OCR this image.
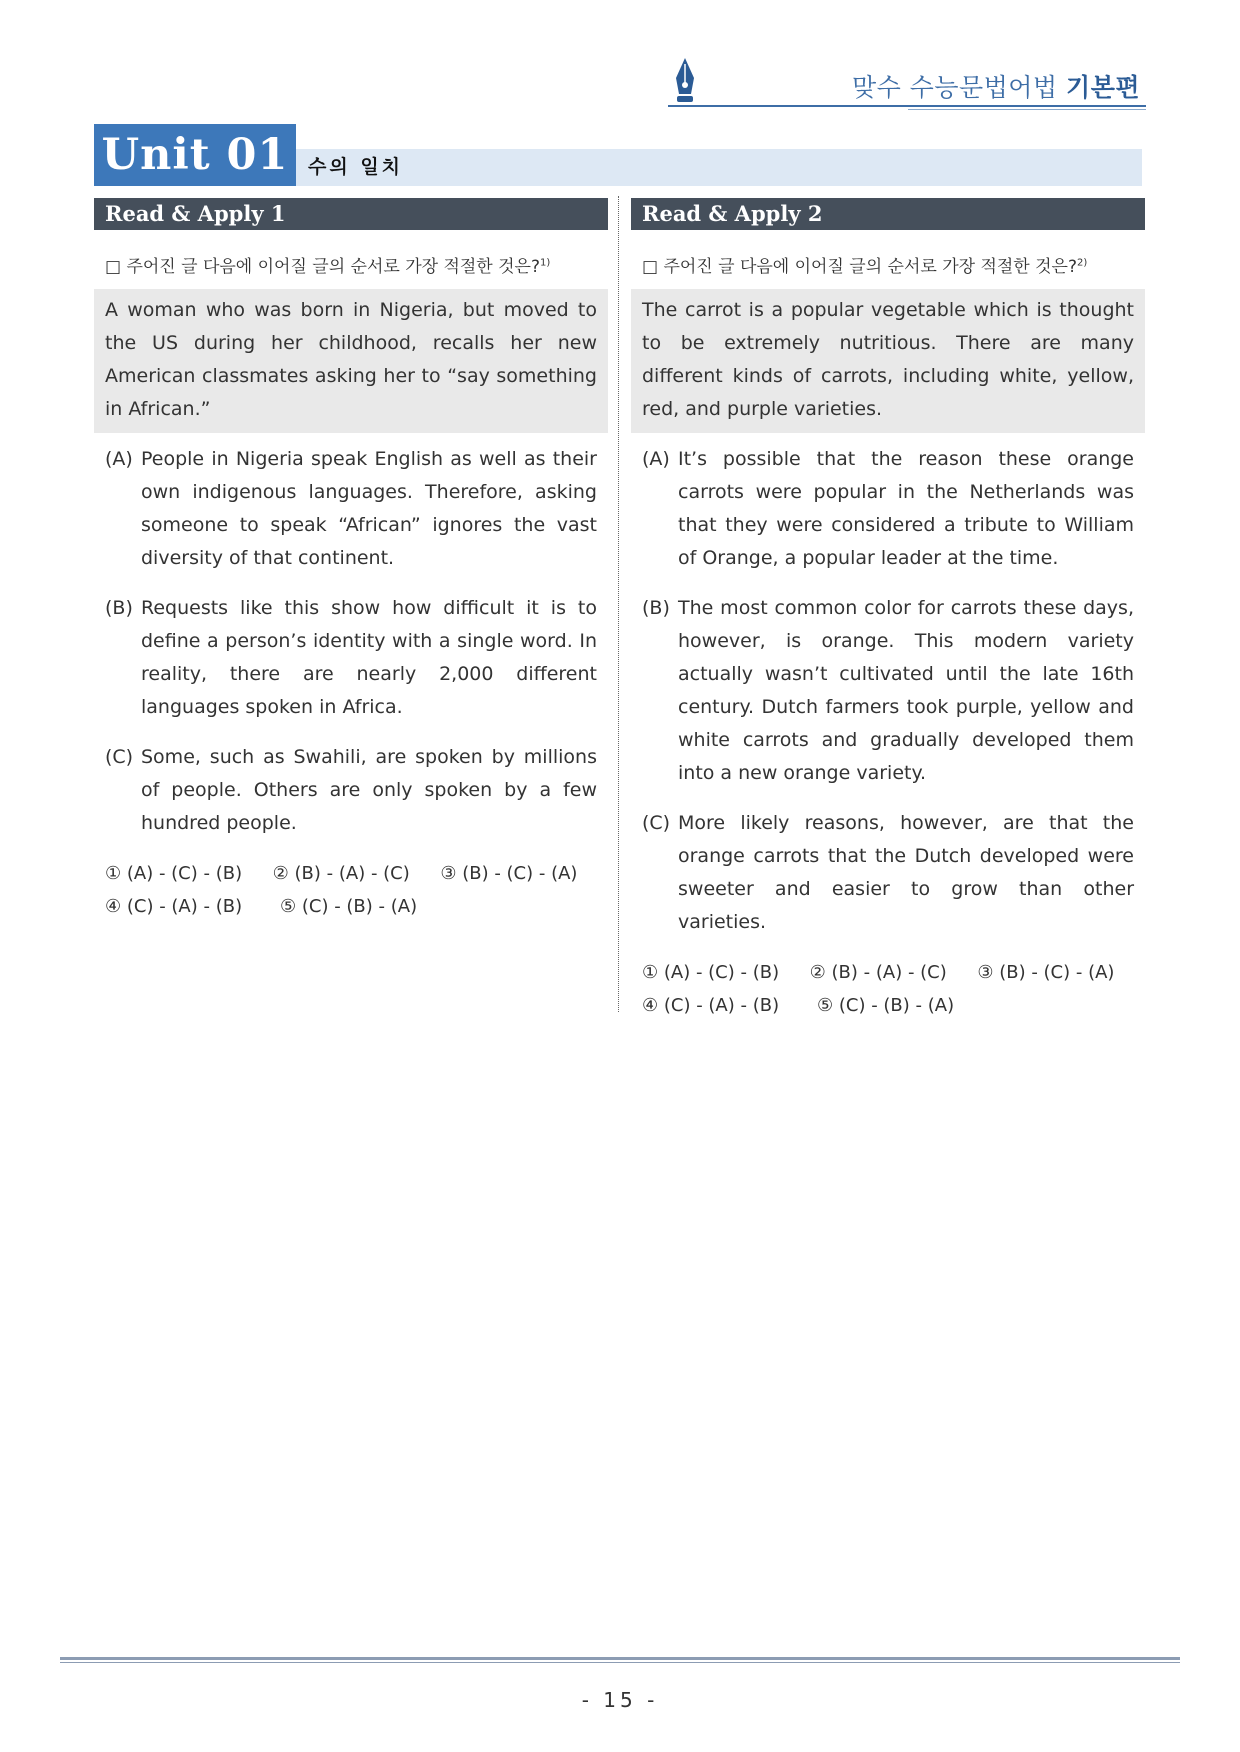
맞수 수능문법어법 기본편
Unit 01	수의 일치
Read & Apply 1
□ 주어진 글 다음에 이어질 글의 순서로 가장 적절한 것은?$^{1)}$
A woman who was born in Nigeria, but moved to the US during her childhood, recalls her new American classmates asking her to “say something in African.”
(A) People in Nigeria speak English as well as their own indigenous languages. Therefore, asking someone to speak “African” ignores the vast diversity of that continent.
(B) Requests like this show how difficult it is to define a person’s identity with a single word. In reality, there are nearly 2,000 different languages spoken in Africa.
(C) Some, such as Swahili, are spoken by millions of people. Others are only spoken by a few hundred people.
① (A) - (C) - (B)	② (B) - (A) - (C)	③ (B) - (C) - (A)
④ (C) - (A) - (B)	⑤ (C) - (B) - (A)
Read & Apply 2
□ 주어진 글 다음에 이어질 글의 순서로 가장 적절한 것은?$^{2)}$
The carrot is a popular vegetable which is thought to be extremely nutritious. There are many different kinds of carrots, including white, yellow, red, and purple varieties.
(A) It’s possible that the reason these orange carrots were popular in the Netherlands was that they were considered a tribute to William of Orange, a popular leader at the time.
(B) The most common color for carrots these days, however, is orange. This modern variety actually wasn’t cultivated until the late 16th century. Dutch farmers took purple, yellow and white carrots and gradually developed them into a new orange variety.
(C) More likely reasons, however, are that the orange carrots that the Dutch developed were sweeter and easier to grow than other varieties.
① (A) - (C) - (B)	② (B) - (A) - (C)	③ (B) - (C) - (A)
④ (C) - (A) - (B)	⑤ (C) - (B) - (A)
- 15 -
